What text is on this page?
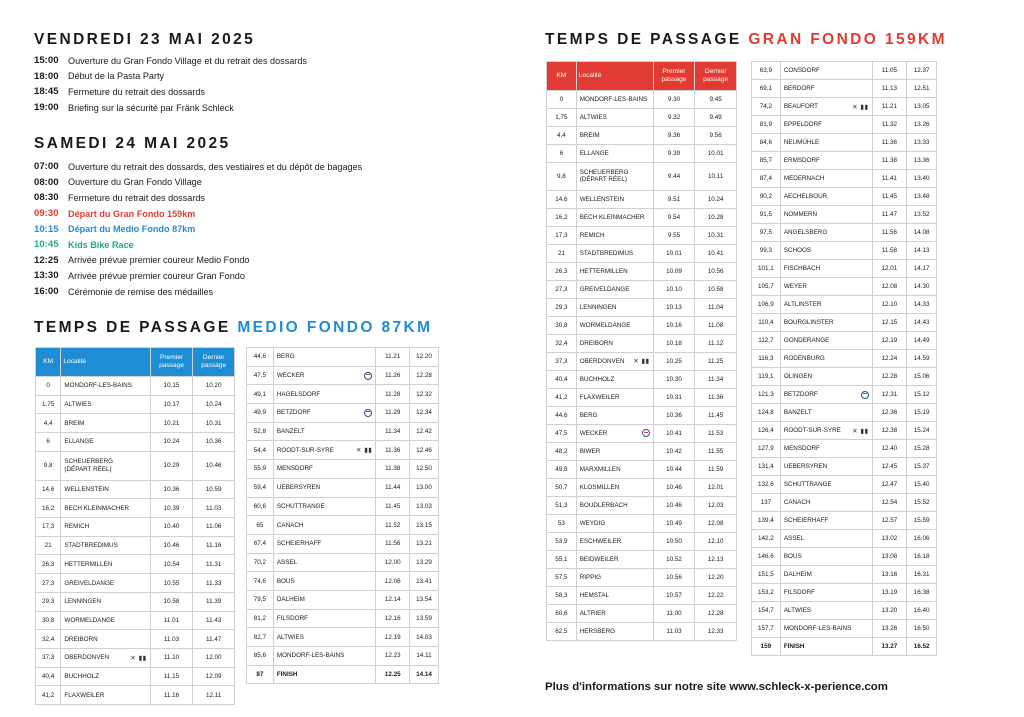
VENDREDI 23 MAI 2025
15:00	Ouverture du Gran Fondo Village et du retrait des dossards
18:00	Début de la Pasta Party
18:45	Fermeture du retrait des dossards
19:00	Briefing sur la sécurité par Fränk Schleck
SAMEDI 24 MAI 2025
07:00	Ouverture du retrait des dossards, des vestiaires et du dépôt de bagages
08:00	Ouverture du Gran Fondo Village
08:30	Fermeture du retrait des dossards
09:30	Départ du Gran Fondo 159km
10:15	Départ du Medio Fondo 87km
10:45	Kids Bike Race
12:25	Arrivée prévue premier coureur Medio Fondo
13:30	Arrivée prévue premier coureur Gran Fondo
16:00	Cérémonie de remise des médailles
TEMPS DE PASSAGE MEDIO FONDO 87KM
KM	Localité	Premier passage	Dernier passage
0	MONDORF-LES-BAINS	10.15	10.20
1,75	ALTWIES	10.17	10.24
4,4	BREIM	10.21	10.31
6	ELLANGE	10.24	10.36
9,8	SCHEUERBERG (DÉPART RÉEL)	10.29	10.46
14,6	WELLENSTEIN	10.36	10.59
16,2	BECH KLEINMACHER	10.39	11.03
17,3	REMICH	10.40	11.06
21	STADTBREDIMUS	10.46	11.16
26,3	HETTERMILLEN	10.54	11.31
27,3	GREIVELDANGE	10.55	11.33
29,3	LENNINGEN	10.58	11.39
30,8	WORMELDANGE	11.01	11.43
32,4	DREIBORN	11.03	11.47
37,3	OBERDONVEN ✕ ▮▮	11.10	12.00
40,4	BUCHHOLZ	11.15	12.09
41,2	FLAXWEILER	11.16	12.11
44,6	BERG	11.21	12.20
47,5	WECKER	11.26	12.28
49,1	HAGELSDORF	11.28	12.32
49,9	BETZDORF	11.29	12.34
52,8	BANZELT	11.34	12.42
54,4	ROODT-SUR-SYRE ✕ ▮▮	11.36	12.46
55,9	MENSDORF	11.38	12.50
59,4	UEBERSYREN	11.44	13.00
60,6	SCHUTTRANGE	11.45	13.03
65	CANACH	11.52	13.15
67,4	SCHEIERHAFF	11.56	13.21
70,2	ASSEL	12.00	13.29
74,6	BOUS	12.06	13.41
79,5	DALHEIM	12.14	13.54
81,2	FILSDORF	12.16	13.59
82,7	ALTWIES	12.19	14.03
85,6	MONDORF-LES-BAINS	12.23	14.11
87	FINISH	12.25	14.14
TEMPS DE PASSAGE GRAN FONDO 159KM
KM	Localité	Premier passage	Dernier passage
0	MONDORF-LES-BAINS	9.30	9.45
1,75	ALTWIES	9.32	9.49
4,4	BREIM	9.36	9.56
6	ELLANGE	9.39	10.01
9,8	SCHEUERBERG (DÉPART RÉEL)	9.44	10.11
14,6	WELLENSTEIN	9.51	10.24
16,2	BECH KLEINMACHER	9.54	10.28
17,3	REMICH	9.55	10.31
21	STADTBREDIMUS	10.01	10.41
26,3	HETTERMILLEN	10.09	10.56
27,3	GREIVELDANGE	10.10	10.58
29,3	LENNINGEN	10.13	11.04
30,8	WORMELDANGE	10.16	11.08
32,4	DREIBORN	10.18	11.12
37,3	OBERDONVEN ✕ ▮▮	10.25	11.25
40,4	BUCHHOLZ	10.30	11.34
41,2	FLAXWEILER	10.31	11.36
44,6	BERG	10.36	11.45
47,5	WECKER	10.41	11.53
48,2	BIWER	10.42	11.55
49,8	MARXMILLEN	10.44	11.59
50,7	KLOSMILLEN	10.46	12.01
51,3	BOUDLERBACH	10.46	12.03
53	WEYDIG	10.49	12.08
53,9	ESCHWEILER	10.50	12.10
55,1	BEIDWEILER	10.52	12.13
57,5	RIPPIG	10.56	12.20
58,3	HEMSTAL	10.57	12.22
60,6	ALTRIER	11.00	12.28
62,5	HERSBERG	11.03	12.33
63,9	CONSDORF	11.05	12.37
69,1	BERDORF	11.13	12.51
74,2	BEAUFORT ✕ ▮▮	11.21	13.05
81,9	EPPELDORF	11.32	13.26
84,6	NEUMÜHLE	11.36	13.33
85,7	ERMSDORF	11.38	13.36
87,4	MEDERNACH	11.41	13.40
90,2	AECHELBOUR	11.45	13.48
91,5	NOMMERN	11.47	13.52
97,5	ANGELSBERG	11.56	14.08
99,3	SCHOOS	11.58	14.13
101,1	FISCHBACH	12.01	14.17
105,7	WEYER	12.08	14.30
106,9	ALTLINSTER	12.10	14.33
110,4	BOURGLINSTER	12.15	14.43
112,7	GONDERANGE	12.19	14.49
116,3	RODENBURG	12.24	14.59
119,1	OLINGEN	12.28	15.06
121,3	BETZDORF	12.31	15.12
124,8	BANZELT	12.36	15.19
126,4	ROODT-SUR-SYRE ✕ ▮▮	12.38	15.24
127,9	MENSDORF	12.40	15.28
131,4	UEBERSYREN	12.45	15.37
132,6	SCHUTTRANGE	12.47	15.40
137	CANACH	12.54	15.52
139,4	SCHEIERHAFF	12.57	15.59
142,2	ASSEL	13.02	16.06
146,6	BOUS	13.08	16.18
151,5	DALHEIM	13.16	16.31
153,2	FILSDORF	13.19	16.38
154,7	ALTWIES	13.20	16.40
157,7	MONDORF-LES-BAINS	13.26	16.50
159	FINISH	13.27	16.52
Plus d'informations sur notre site www.schleck-x-perience.com
